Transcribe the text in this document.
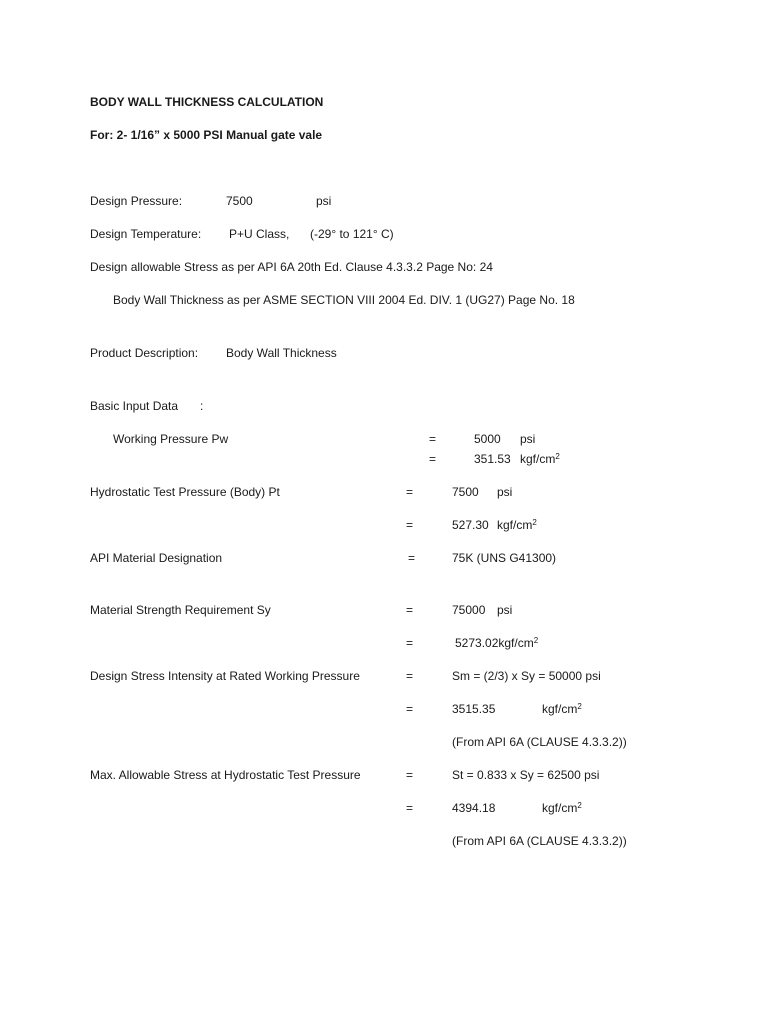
BODY WALL THICKNESS CALCULATION
For: 2- 1/16” x 5000 PSI Manual gate vale
Design Pressure:	7500	psi
Design Temperature: P+U Class, (-29° to 121° C)
Design allowable Stress as per API 6A 20th Ed. Clause 4.3.3.2 Page No: 24
Body Wall Thickness as per ASME SECTION VIII 2004 Ed. DIV. 1 (UG27) Page No. 18
Product Description: Body Wall Thickness
Basic Input Data :
Working Pressure Pw	=	5000 psi
=	351.53 kgf/$cm^2$
Hydrostatic Test Pressure (Body) Pt	=	7500 psi
=	527.30 kgf/$cm^2$
API Material Designation	=	75K (UNS G41300)
Material Strength Requirement Sy	=	75000 psi
=	$5273.02kgf/cm^2$
Design Stress Intensity at Rated Working Pressure	=	Sm = (2/3) x Sy = 50000 psi
=	3515.35	kgf/$cm^2$
(From API 6A (CLAUSE 4.3.3.2))
Max. Allowable Stress at Hydrostatic Test Pressure	=	St = 0.833 x Sy = 62500 psi
=	4394.18	kgf/$cm^2$
(From API 6A (CLAUSE 4.3.3.2))
